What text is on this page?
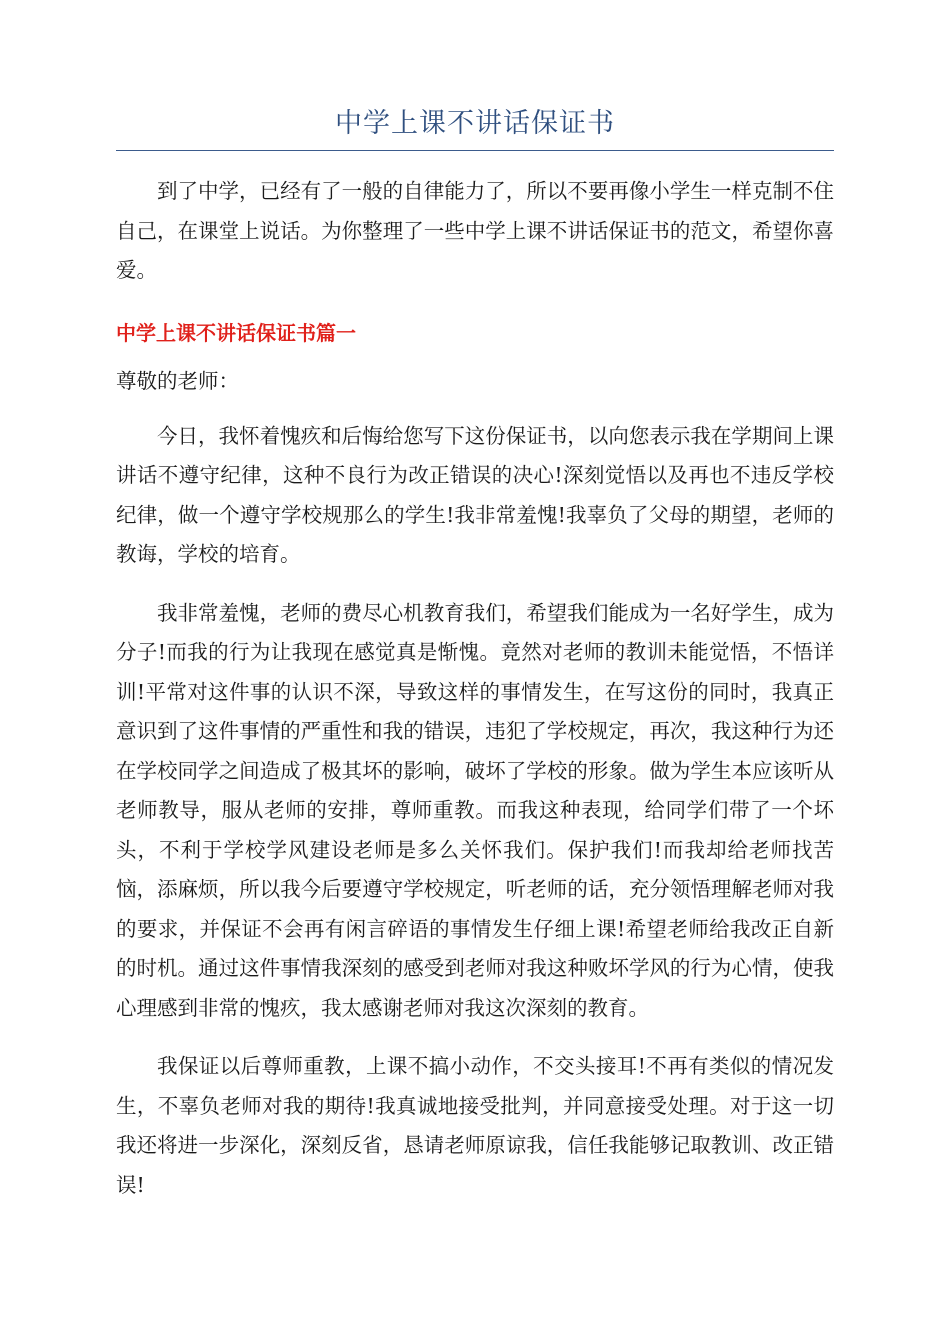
中学上课不讲话保证书

到了中学，已经有了一般的自律能力了，所以不要再像小学生一样克制不住自己，在课堂上说话。为你整理了一些中学上课不讲话保证书的范文，希望你喜爱。

中学上课不讲话保证书篇一

尊敬的老师：

今日，我怀着愧疚和后悔给您写下这份保证书，以向您表示我在学期间上课讲话不遵守纪律，这种不良行为改正错误的决心!深刻觉悟以及再也不违反学校纪律，做一个遵守学校规那么的学生!我非常羞愧!我辜负了父母的期望，老师的教诲，学校的培育。

我非常羞愧，老师的费尽心机教育我们，希望我们能成为一名好学生，成为分子!而我的行为让我现在感觉真是惭愧。竟然对老师的教训未能觉悟，不悟详训!平常对这件事的认识不深，导致这样的事情发生，在写这份的同时，我真正意识到了这件事情的严重性和我的错误，违犯了学校规定，再次，我这种行为还在学校同学之间造成了极其坏的影响，破坏了学校的形象。做为学生本应该听从老师教导，服从老师的安排，尊师重教。而我这种表现，给同学们带了一个坏头，不利于学校学风建设老师是多么关怀我们。保护我们!而我却给老师找苦恼，添麻烦，所以我今后要遵守学校规定，听老师的话，充分领悟理解老师对我的要求，并保证不会再有闲言碎语的事情发生仔细上课!希望老师给我改正自新的时机。通过这件事情我深刻的感受到老师对我这种败坏学风的行为心情，使我心理感到非常的愧疚，我太感谢老师对我这次深刻的教育。

我保证以后尊师重教，上课不搞小动作，不交头接耳!不再有类似的情况发生，不辜负老师对我的期待!我真诚地接受批判，并同意接受处理。对于这一切我还将进一步深化，深刻反省，恳请老师原谅我，信任我能够记取教训、改正错误!
